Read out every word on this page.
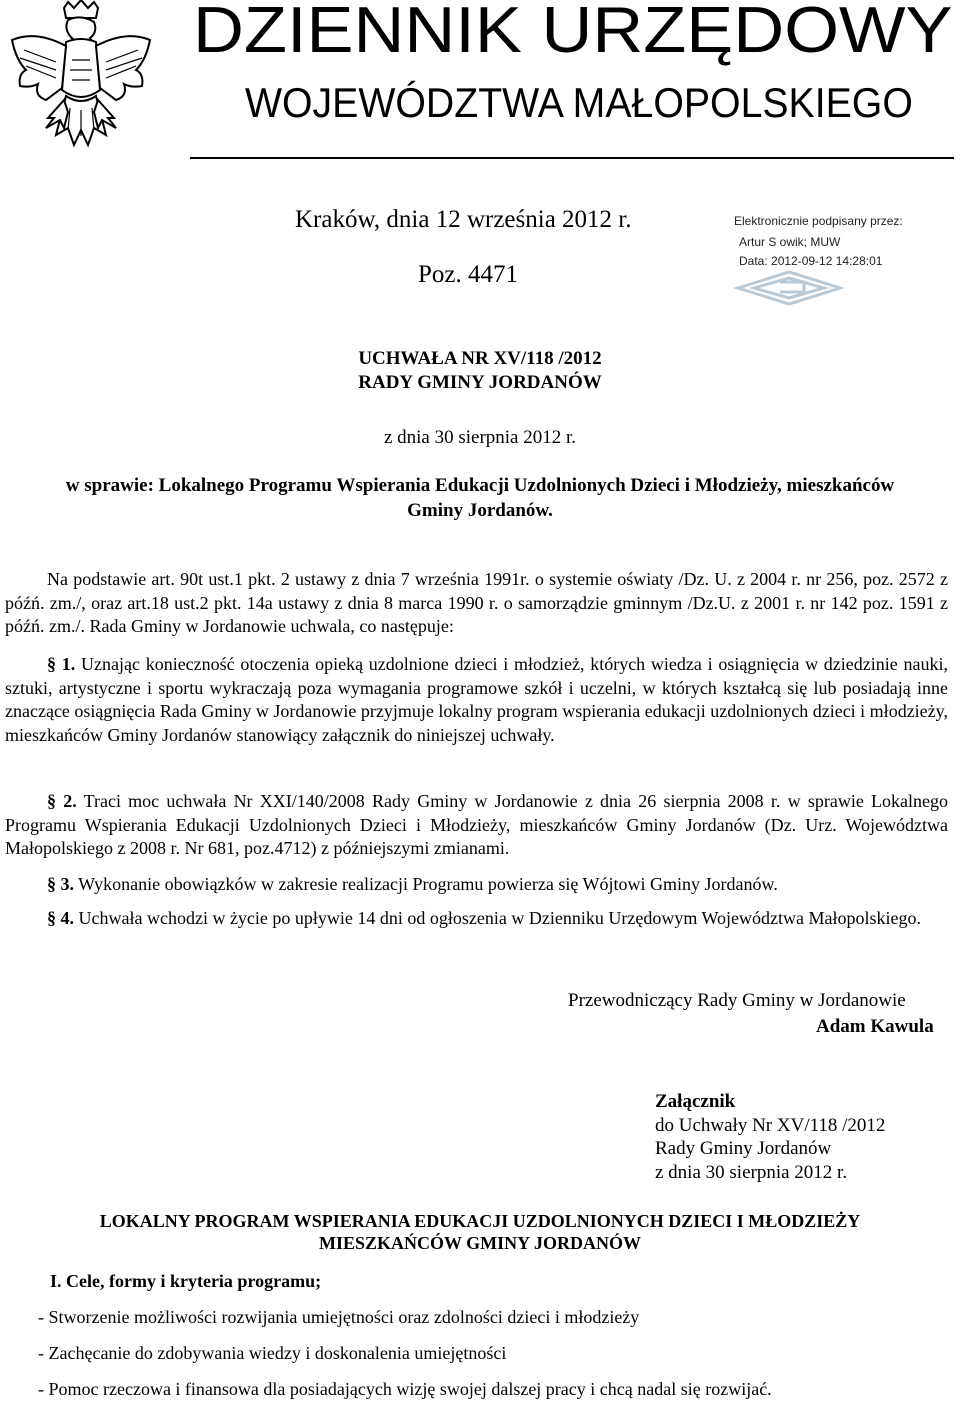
DZIENNIK URZĘDOWY
WOJEWÓDZTWA MAŁOPOLSKIEGO
Kraków, dnia 12 września 2012 r.
Poz. 4471
Elektronicznie podpisany przez:
Artur S owik; MUW
Data: 2012-09-12 14:28:01
UCHWAŁA NR XV/118 /2012
RADY GMINY JORDANÓW
z dnia 30 sierpnia 2012 r.
w sprawie: Lokalnego Programu Wspierania Edukacji Uzdolnionych Dzieci i Młodzieży, mieszkańców
Gminy Jordanów.

Na podstawie art. 90t ust.1 pkt. 2 ustawy z dnia 7 września 1991r. o systemie oświaty /Dz. U. z 2004 r. nr 256, poz. 2572 z późń. zm./, oraz art.18 ust.2 pkt. 14a ustawy z dnia 8 marca 1990 r. o samorządzie gminnym /Dz.U. z 2001 r. nr 142 poz. 1591 z późń. zm./. Rada Gminy w Jordanowie uchwala, co następuje:

§ 1. Uznając konieczność otoczenia opieką uzdolnione dzieci i młodzież, których wiedza i osiągnięcia w dziedzinie nauki, sztuki, artystyczne i sportu wykraczają poza wymagania programowe szkół i uczelni, w których kształcą się lub posiadają inne znaczące osiągnięcia Rada Gminy w Jordanowie przyjmuje lokalny program wspierania edukacji uzdolnionych dzieci i młodzieży, mieszkańców Gminy Jordanów stanowiący załącznik do niniejszej uchwały.

§ 2. Traci moc uchwała Nr XXI/140/2008 Rady Gminy w Jordanowie z dnia 26 sierpnia 2008 r. w sprawie Lokalnego Programu Wspierania Edukacji Uzdolnionych Dzieci i Młodzieży, mieszkańców Gminy Jordanów (Dz. Urz. Województwa Małopolskiego z 2008 r. Nr 681, poz.4712) z późniejszymi zmianami.

§ 3. Wykonanie obowiązków w zakresie realizacji Programu powierza się Wójtowi Gminy Jordanów.

§ 4. Uchwała wchodzi w życie po upływie 14 dni od ogłoszenia w Dzienniku Urzędowym Województwa Małopolskiego.

Przewodniczący Rady Gminy w Jordanowie
Adam Kawula
Załącznik
do Uchwały Nr XV/118 /2012
Rady Gminy Jordanów
z dnia 30 sierpnia 2012 r.
LOKALNY PROGRAM WSPIERANIA EDUKACJI UZDOLNIONYCH DZIECI I MŁODZIEŻY
MIESZKAŃCÓW GMINY JORDANÓW
I. Cele, formy i kryteria programu;
- Stworzenie możliwości rozwijania umiejętności oraz zdolności dzieci i młodzieży
- Zachęcanie do zdobywania wiedzy i doskonalenia umiejętności
- Pomoc rzeczowa i finansowa dla posiadających wizję swojej dalszej pracy i chcą nadal się rozwijać.
